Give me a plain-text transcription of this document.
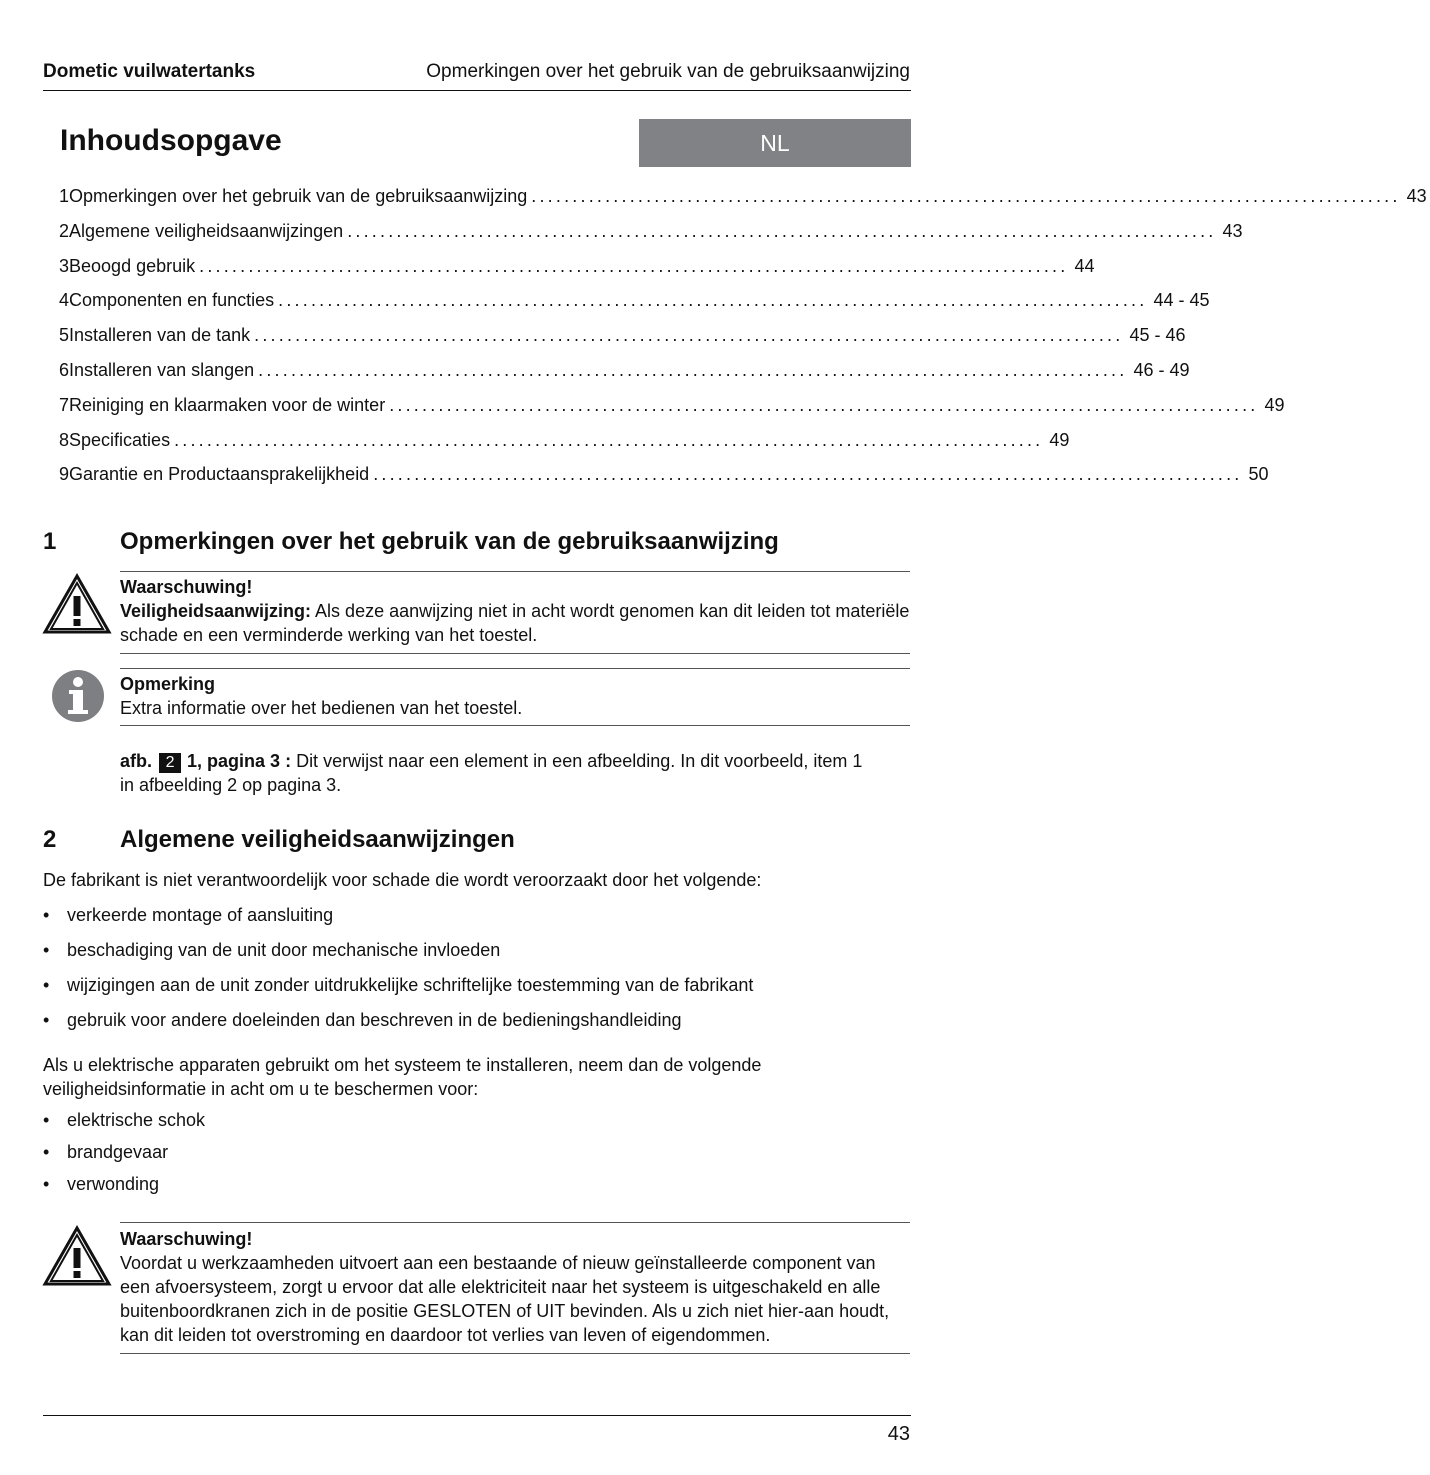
Dometic vuilwatertanks	Opmerkingen over het gebruik van de gebruiksaanwijzing
Inhoudsopgave	NL
1 Opmerkingen over het gebruik van de gebruiksaanwijzing .......................................................................................................... 43
2 Algemene veiligheidsaanwijzingen .......................................................................................................... 43
3 Beoogd gebruik .......................................................................................................... 44
4 Componenten en functies .......................................................................................................... 44 - 45
5 Installeren van de tank .......................................................................................................... 45 - 46
6 Installeren van slangen .......................................................................................................... 46 - 49
7 Reiniging en klaarmaken voor de winter .......................................................................................................... 49
8 Specificaties .......................................................................................................... 49
9 Garantie en Productaansprakelijkheid .......................................................................................................... 50
1	Opmerkingen over het gebruik van de gebruiksaanwijzing
Waarschuwing!
Veiligheidsaanwijzing: Als deze aanwijzing niet in acht wordt genomen kan dit leiden tot materiële schade en een verminderde werking van het toestel.
Opmerking
Extra informatie over het bedienen van het toestel.
afb. 2 1, pagina 3 : Dit verwijst naar een element in een afbeelding. In dit voorbeeld, item 1 in afbeelding 2 op pagina 3.
2	Algemene veiligheidsaanwijzingen
De fabrikant is niet verantwoordelijk voor schade die wordt veroorzaakt door het volgende:
• verkeerde montage of aansluiting
• beschadiging van de unit door mechanische invloeden
• wijzigingen aan de unit zonder uitdrukkelijke schriftelijke toestemming van de fabrikant
• gebruik voor andere doeleinden dan beschreven in de bedieningshandleiding
Als u elektrische apparaten gebruikt om het systeem te installeren, neem dan de volgende veiligheidsinformatie in acht om u te beschermen voor:
• elektrische schok
• brandgevaar
• verwonding
Waarschuwing!
Voordat u werkzaamheden uitvoert aan een bestaande of nieuw geïnstalleerde component van een afvoersysteem, zorgt u ervoor dat alle elektriciteit naar het systeem is uitgeschakeld en alle buitenboordkranen zich in de positie GESLOTEN of UIT bevinden. Als u zich niet hier-aan houdt, kan dit leiden tot overstroming en daardoor tot verlies van leven of eigendommen.
43
